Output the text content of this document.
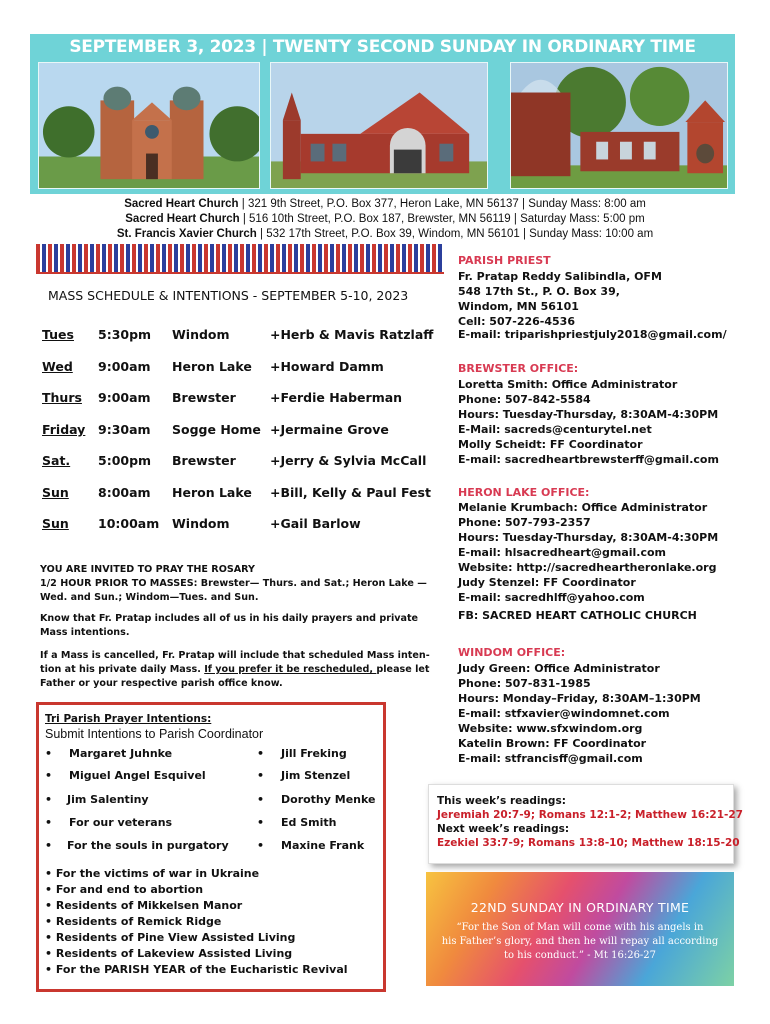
SEPTEMBER 3, 2023 | TWENTY SECOND SUNDAY IN ORDINARY TIME
Sacred Heart Church | 321 9th Street, P.O. Box 377, Heron Lake, MN 56137 | Sunday Mass: 8:00 am
Sacred Heart Church | 516 10th Street, P.O. Box 187, Brewster, MN 56119 | Saturday Mass: 5:00 pm
St. Francis Xavier Church | 532 17th Street, P.O. Box 39, Windom, MN 56101 | Sunday Mass: 10:00 am
MASS SCHEDULE & INTENTIONS - SEPTEMBER 5-10, 2023
Tues 5:30pm Windom	+Herb & Mavis Ratzlaff
Wed 9:00am Heron Lake +Howard Damm
Thurs 9:00am Brewster	+Ferdie Haberman
Friday 9:30am Sogge Home +Jermaine Grove
Sat. 5:00pm Brewster	+Jerry & Sylvia McCall
Sun 8:00am Heron Lake +Bill, Kelly & Paul Fest
Sun 10:00am Windom	+Gail Barlow
YOU ARE INVITED TO PRAY THE ROSARY
1/2 HOUR PRIOR TO MASSES: Brewster— Thurs. and Sat.; Heron Lake —
Wed. and Sun.; Windom—Tues. and Sun.
Know that Fr. Pratap includes all of us in his daily prayers and private
Mass intentions.
If a Mass is cancelled, Fr. Pratap will include that scheduled Mass inten-
tion at his private daily Mass. If you prefer it be rescheduled, please let
Father or your respective parish office know.
Tri Parish Prayer Intentions:
Submit Intentions to Parish Coordinator
• Margaret Juhnke	• Jill Freking
• Miguel Angel Esquivel	• Jim Stenzel
• Jim Salentiny	• Dorothy Menke
• For our veterans	• Ed Smith
• For the souls in purgatory	• Maxine Frank
• For the victims of war in Ukraine
• For and end to abortion
• Residents of Mikkelsen Manor
• Residents of Remick Ridge
• Residents of Pine View Assisted Living
• Residents of Lakeview Assisted Living
• For the PARISH YEAR of the Eucharistic Revival
PARISH PRIEST
Fr. Pratap Reddy Salibindla, OFM
548 17th St., P. O. Box 39,
Windom, MN 56101
Cell: 507-226-4536
E-mail: triparishpriestjuly2018@gmail.com/
BREWSTER OFFICE:
Loretta Smith: Office Administrator
Phone: 507-842-5584
Hours: Tuesday-Thursday, 8:30AM-4:30PM
E-Mail: sacreds@centurytel.net
Molly Scheidt: FF Coordinator
E-mail: sacredheartbrewsterff@gmail.com
HERON LAKE OFFICE:
Melanie Krumbach: Office Administrator
Phone: 507-793-2357
Hours: Tuesday-Thursday, 8:30AM-4:30PM
E-mail: hlsacredheart@gmail.com
Website: http://sacredheartheronlake.org
Judy Stenzel: FF Coordinator
E-mail: sacredhlff@yahoo.com
FB: SACRED HEART CATHOLIC CHURCH
WINDOM OFFICE:
Judy Green: Office Administrator
Phone: 507-831-1985
Hours: Monday–Friday, 8:30AM–1:30PM
E-mail: stfxavier@windomnet.com
Website: www.sfxwindom.org
Katelin Brown: FF Coordinator
E-mail: stfrancisff@gmail.com
This week’s readings:
Jeremiah 20:7-9; Romans 12:1-2; Matthew 16:21-27
Next week’s readings:
Ezekiel 33:7-9; Romans 13:8-10; Matthew 18:15-20
22ND SUNDAY IN ORDINARY TIME
“For the Son of Man will come with his angels in
his Father’s glory, and then he will repay all according
to his conduct.” - Mt 16:26-27
